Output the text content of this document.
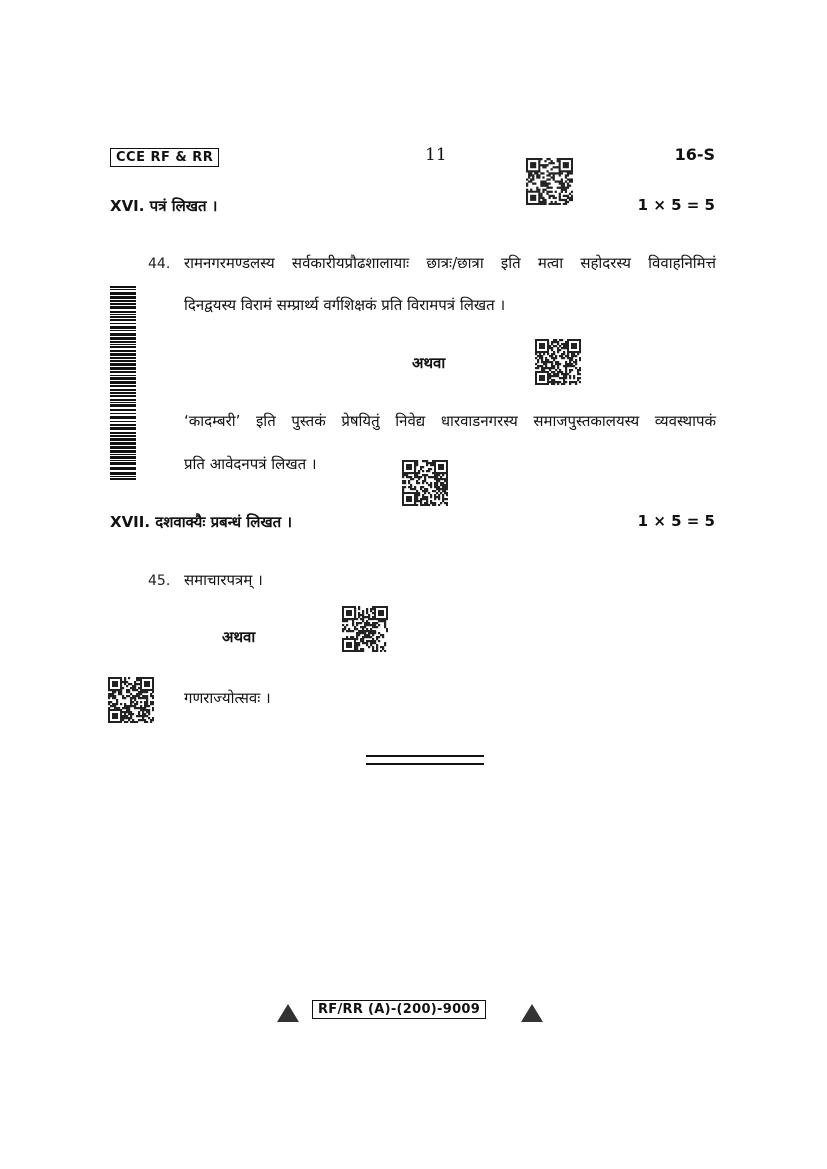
CCE RF & RR	11	16-S
XVI. पत्रं लिखत ।	1 × 5 = 5
44. रामनगरमण्डलस्य सर्वकारीयप्रौढशालायाः छात्रः/छात्रा इति मत्वा सहोदरस्य विवाहनिमित्तं
दिनद्वयस्य विरामं सम्प्रार्थ्य वर्गशिक्षकं प्रति विरामपत्रं लिखत ।
अथवा
‘कादम्बरी’ इति पुस्तकं प्रेषयितुं निवेद्य धारवाडनगरस्य समाजपुस्तकालयस्य व्यवस्थापकं
प्रति आवेदनपत्रं लिखत ।
XVII. दशवाक्यैः प्रबन्धं लिखत ।	1 × 5 = 5
45. समाचारपत्रम् ।
अथवा
गणराज्योत्सवः ।
RF/RR (A)-(200)-9009
